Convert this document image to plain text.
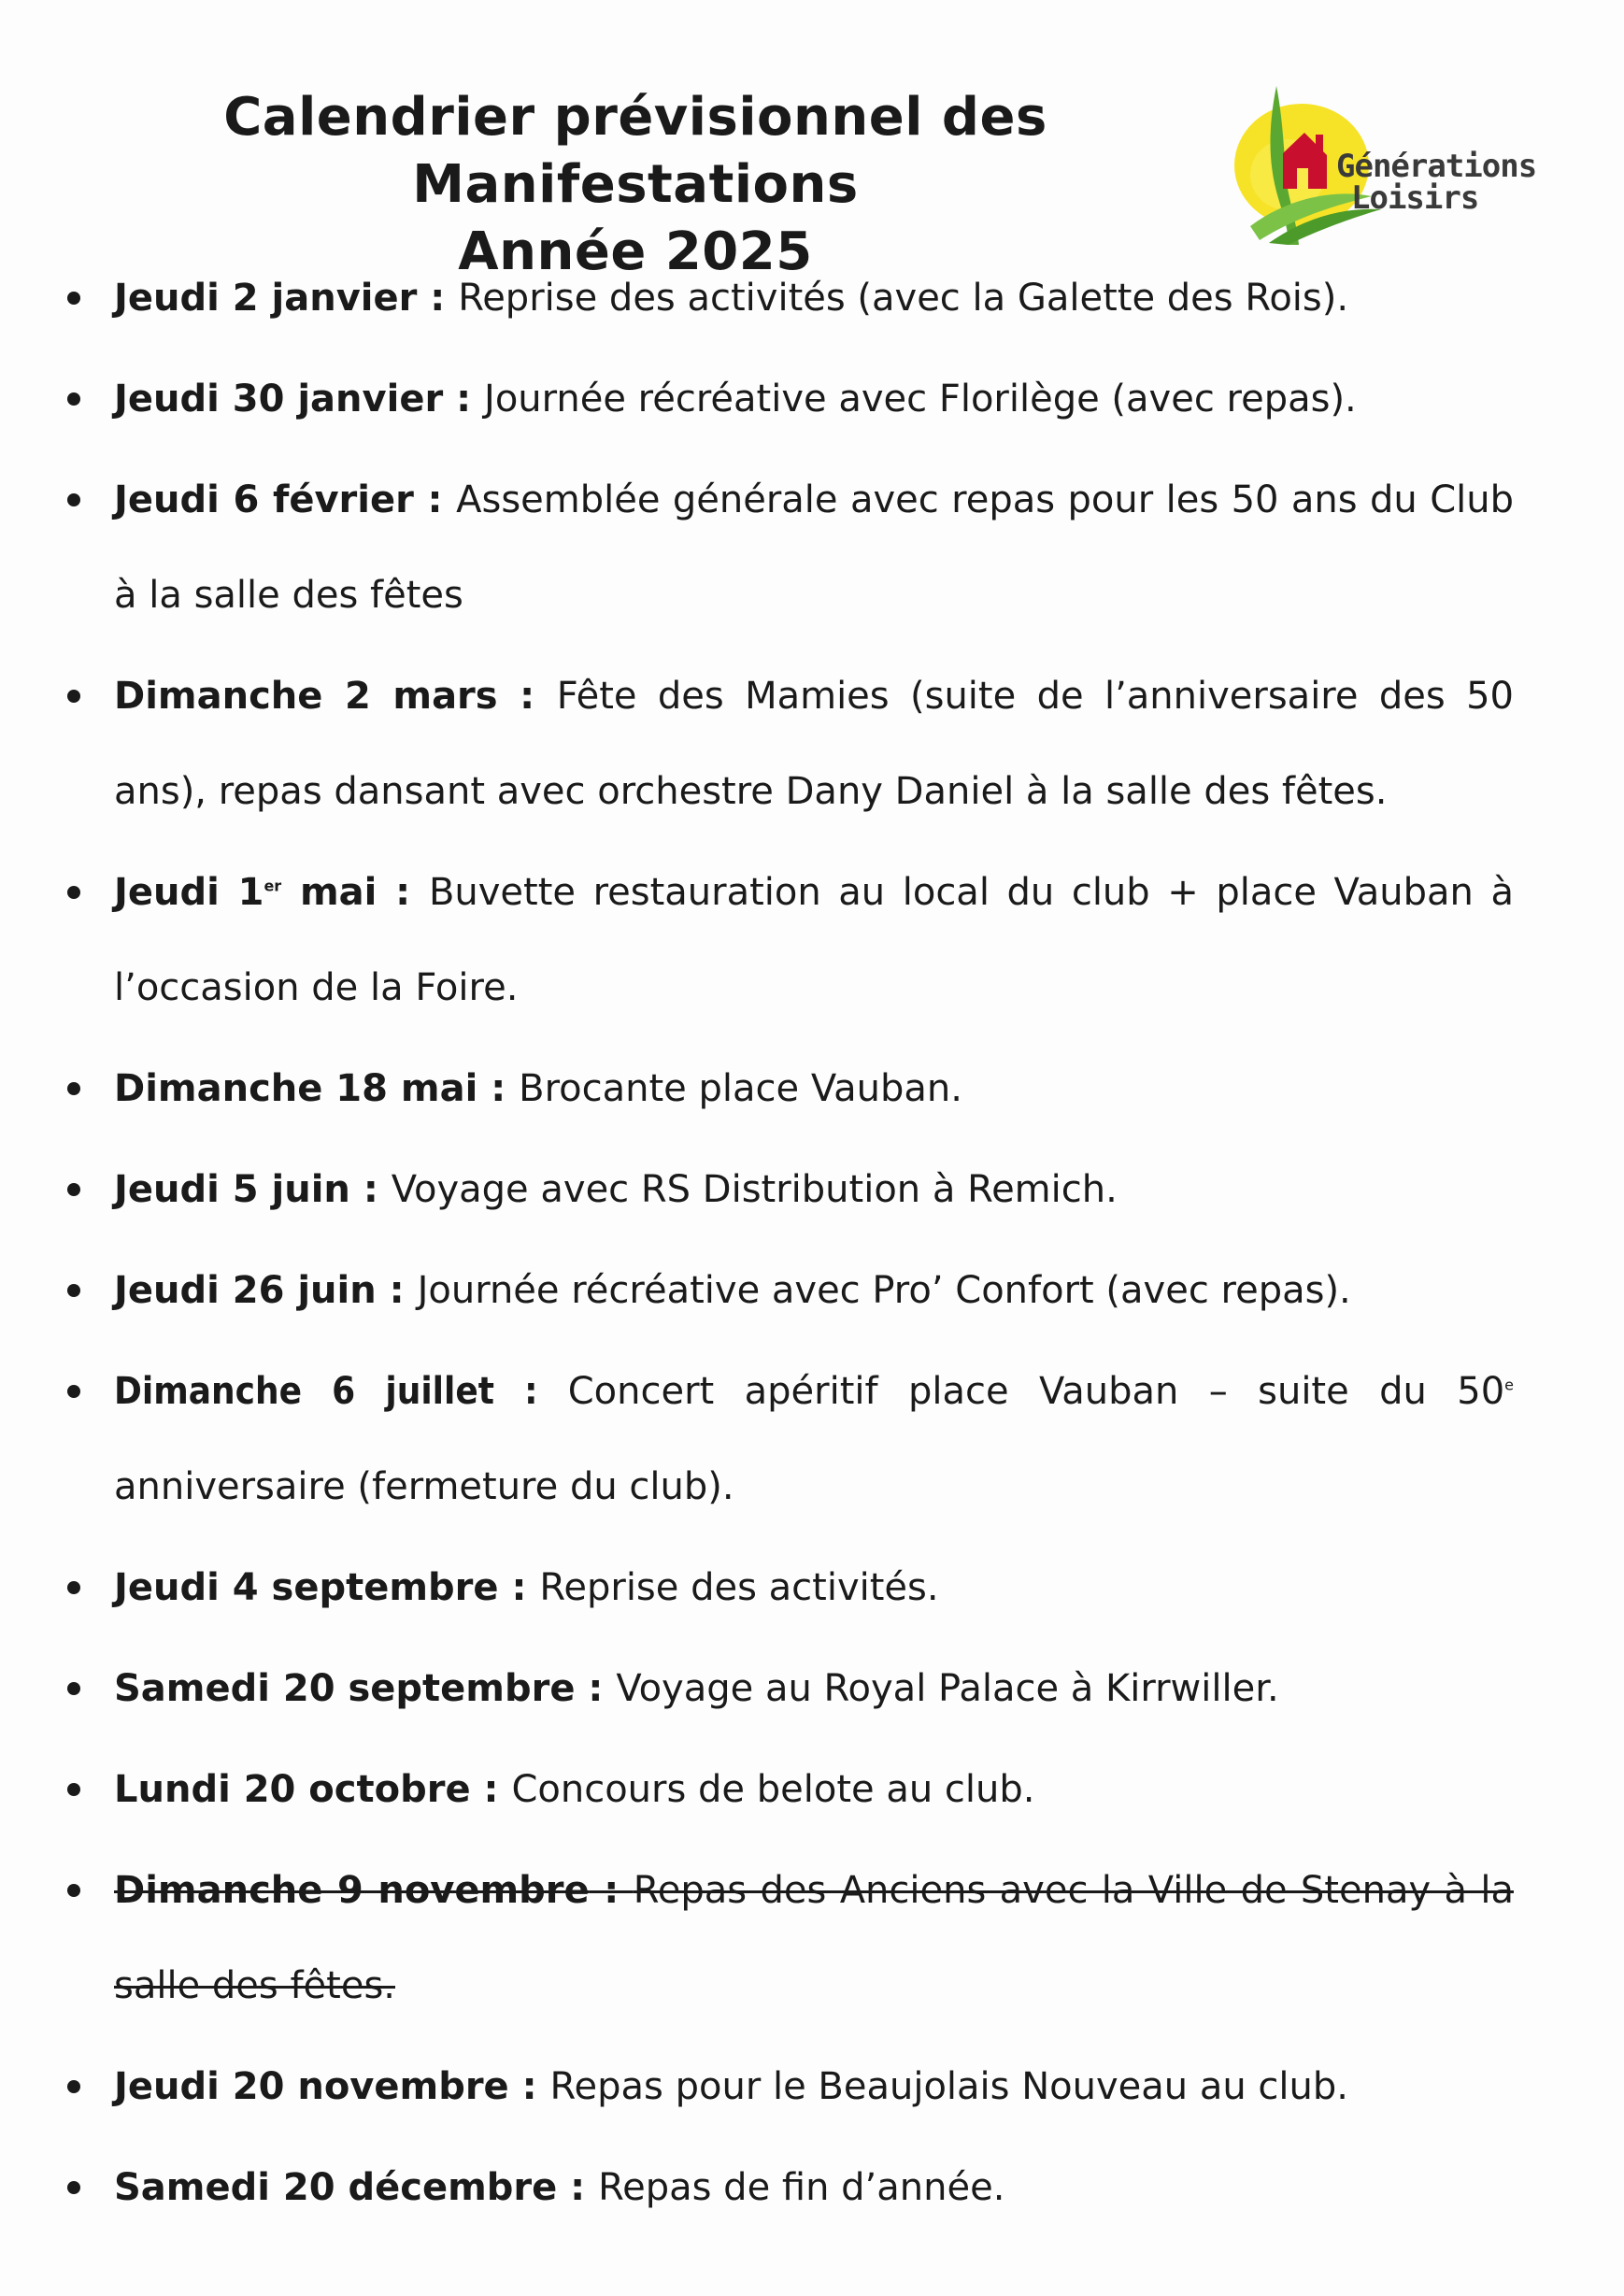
Calendrier prévisionnel des Manifestations
Année 2025
Générations
Loisirs
Jeudi 2 janvier : Reprise des activités (avec la Galette des Rois).
Jeudi 30 janvier : Journée récréative avec Florilège (avec repas).
Jeudi 6 février : Assemblée générale avec repas pour les 50 ans du Club à la salle des fêtes
Dimanche 2 mars : Fête des Mamies (suite de l’anniversaire des 50 ans), repas dansant avec orchestre Dany Daniel à la salle des fêtes.
Jeudi 1er mai : Buvette restauration au local du club + place Vauban à l’occasion de la Foire.
Dimanche 18 mai : Brocante place Vauban.
Jeudi 5 juin : Voyage avec RS Distribution à Remich.
Jeudi 26 juin : Journée récréative avec Pro’ Confort (avec repas).
Dimanche 6 juillet : Concert apéritif place Vauban – suite du 50e anniversaire (fermeture du club).
Jeudi 4 septembre : Reprise des activités.
Samedi 20 septembre : Voyage au Royal Palace à Kirrwiller.
Lundi 20 octobre : Concours de belote au club.
Dimanche 9 novembre : Repas des Anciens avec la Ville de Stenay à la salle des fêtes.
Jeudi 20 novembre : Repas pour le Beaujolais Nouveau au club.
Samedi 20 décembre : Repas de fin d’année.
